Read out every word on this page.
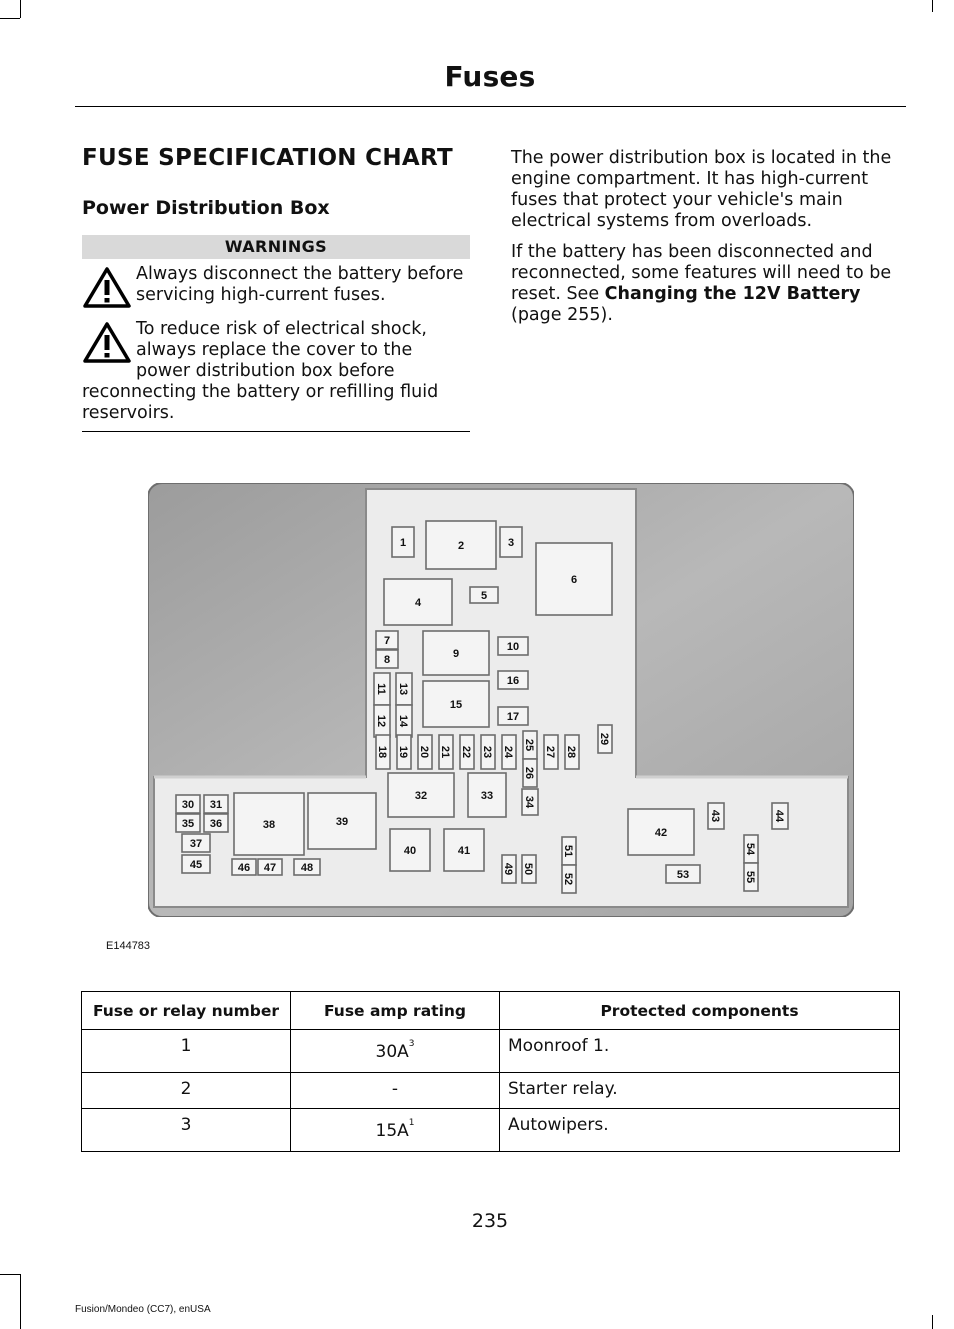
Fuses
FUSE SPECIFICATION CHART
Power Distribution Box
WARNINGS
Always disconnect the battery before servicing high-current fuses.
To reduce risk of electrical shock, always replace the cover to the power distribution box before reconnecting the battery or refilling fluid reservoirs.

The power distribution box is located in the engine compartment. It has high-current fuses that protect your vehicle's main electrical systems from overloads.

If the battery has been disconnected and reconnected, some features will need to be reset. See Changing the 12V Battery (page 255).

1	2	3
4
5
6
7
8	9
10
11
12
13
14
15
16
17
18 19 20 21 22 23 24
25
26
27 28
29
30 31
32	33	34
35 36
37
38	39
40	41
42
43	44
45	46 47 48	49 50
51
52	53
54
55
E144783
Fuse or relay number	Fuse amp rating	Protected components
1	$30A^3$	Moonroof 1.
2	-	Starter relay.
3	$15A^1$	Autowipers.
235
Fusion/Mondeo (CC7), enUSA
